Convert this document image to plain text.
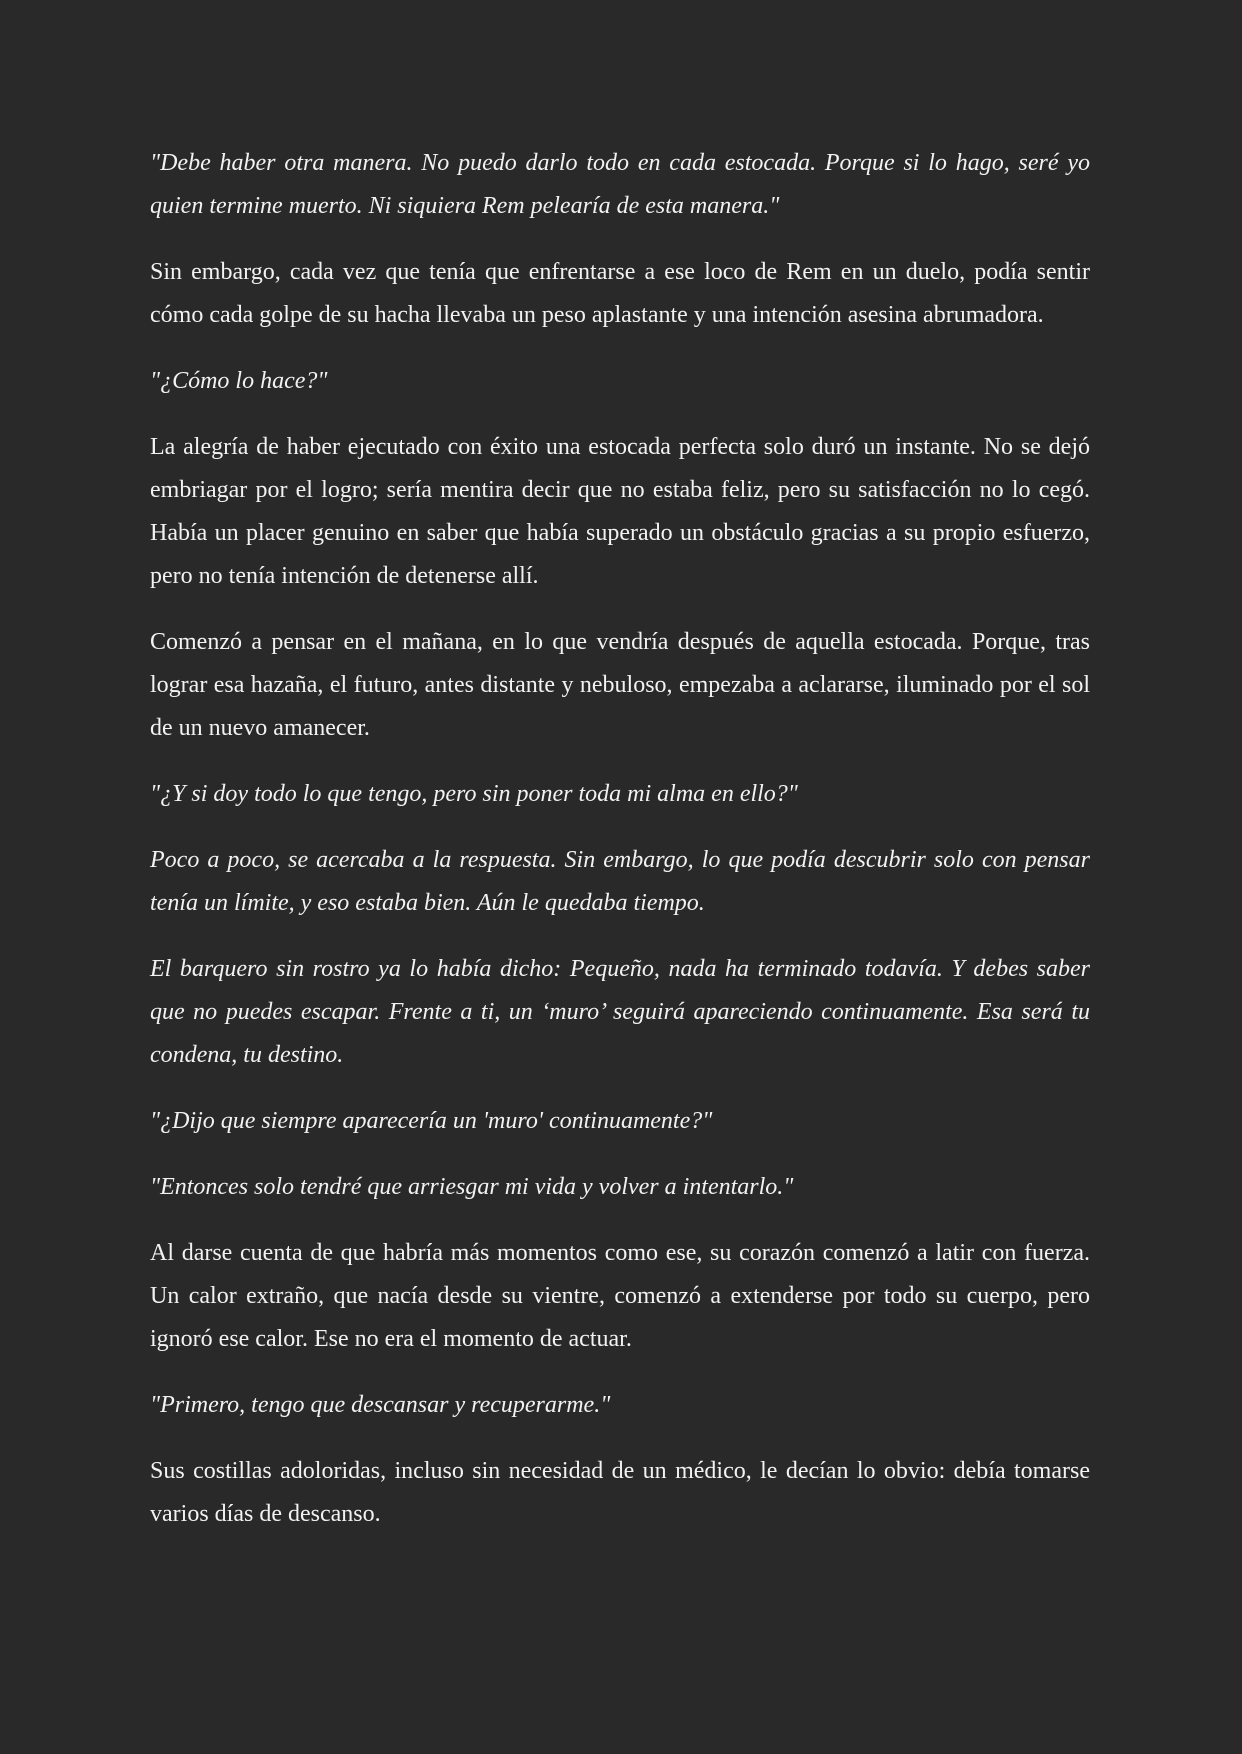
"Debe haber otra manera. No puedo darlo todo en cada estocada. Porque si lo hago, seré yo quien termine muerto. Ni siquiera Rem pelearía de esta manera."

Sin embargo, cada vez que tenía que enfrentarse a ese loco de Rem en un duelo, podía sentir cómo cada golpe de su hacha llevaba un peso aplastante y una intención asesina abrumadora.

"¿Cómo lo hace?"

La alegría de haber ejecutado con éxito una estocada perfecta solo duró un instante. No se dejó embriagar por el logro; sería mentira decir que no estaba feliz, pero su satisfacción no lo cegó. Había un placer genuino en saber que había superado un obstáculo gracias a su propio esfuerzo, pero no tenía intención de detenerse allí.

Comenzó a pensar en el mañana, en lo que vendría después de aquella estocada. Porque, tras lograr esa hazaña, el futuro, antes distante y nebuloso, empezaba a aclararse, iluminado por el sol de un nuevo amanecer.

"¿Y si doy todo lo que tengo, pero sin poner toda mi alma en ello?"

Poco a poco, se acercaba a la respuesta. Sin embargo, lo que podía descubrir solo con pensar tenía un límite, y eso estaba bien. Aún le quedaba tiempo.

El barquero sin rostro ya lo había dicho: Pequeño, nada ha terminado todavía. Y debes saber que no puedes escapar. Frente a ti, un ‘muro’ seguirá apareciendo continuamente. Esa será tu condena, tu destino.

"¿Dijo que siempre aparecería un 'muro' continuamente?"

"Entonces solo tendré que arriesgar mi vida y volver a intentarlo."

Al darse cuenta de que habría más momentos como ese, su corazón comenzó a latir con fuerza. Un calor extraño, que nacía desde su vientre, comenzó a extenderse por todo su cuerpo, pero ignoró ese calor. Ese no era el momento de actuar.

"Primero, tengo que descansar y recuperarme."

Sus costillas adoloridas, incluso sin necesidad de un médico, le decían lo obvio: debía tomarse varios días de descanso.
